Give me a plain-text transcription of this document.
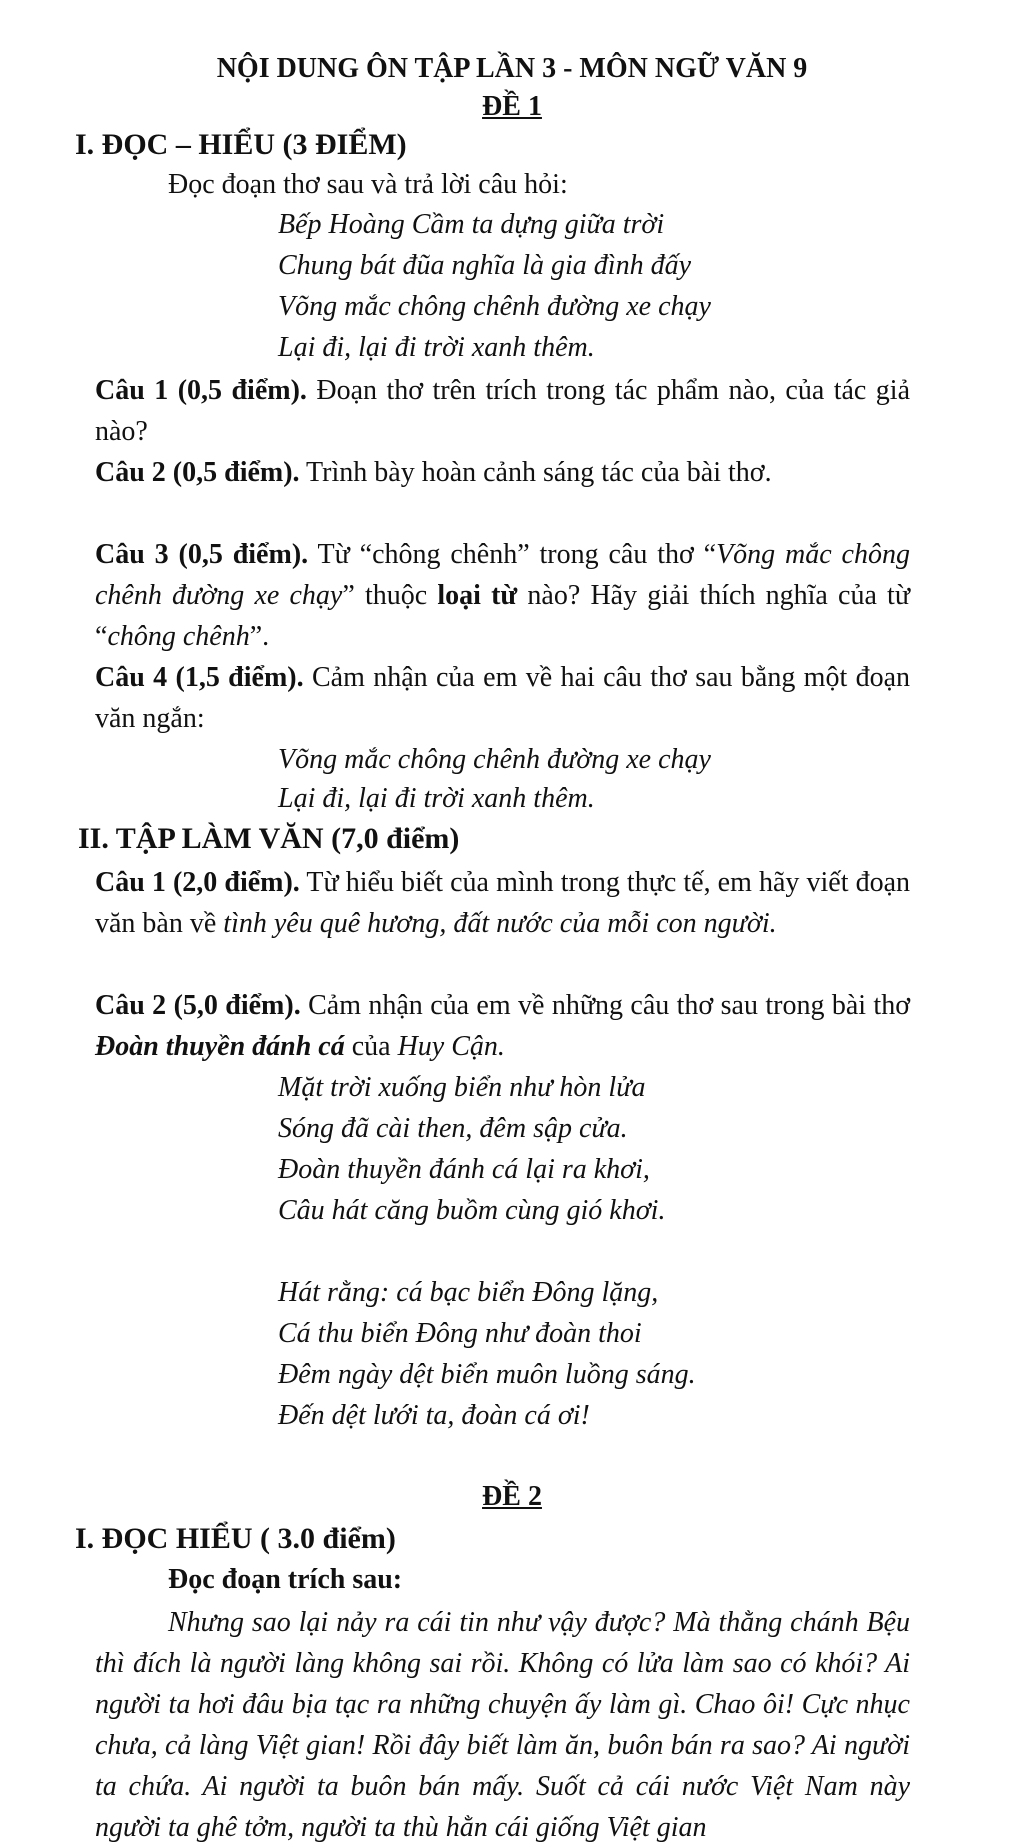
NỘI DUNG ÔN TẬP LẦN 3 - MÔN NGỮ VĂN 9
ĐỀ 1
I. ĐỌC – HIỂU (3 ĐIỂM)
Đọc đoạn thơ sau và trả lời câu hỏi:
Bếp Hoàng Cầm ta dựng giữa trời
Chung bát đũa nghĩa là gia đình đấy
Võng mắc chông chênh đường xe chạy
Lại đi, lại đi trời xanh thêm.
Câu 1 (0,5 điểm). Đoạn thơ trên trích trong tác phẩm nào, của tác giả nào?
Câu 2 (0,5 điểm). Trình bày hoàn cảnh sáng tác của bài thơ.
Câu 3 (0,5 điểm). Từ “chông chênh” trong câu thơ “Võng mắc chông chênh đường xe chạy” thuộc loại từ nào? Hãy giải thích nghĩa của từ “chông chênh”.
Câu 4 (1,5 điểm). Cảm nhận của em về hai câu thơ sau bằng một đoạn văn ngắn:
Võng mắc chông chênh đường xe chạy
Lại đi, lại đi trời xanh thêm.
II. TẬP LÀM VĂN (7,0 điểm)
Câu 1 (2,0 điểm). Từ hiểu biết của mình trong thực tế, em hãy viết đoạn văn bàn về tình yêu quê hương, đất nước của mỗi con người.
Câu 2 (5,0 điểm). Cảm nhận của em về những câu thơ sau trong bài thơ Đoàn thuyền đánh cá của Huy Cận.
Mặt trời xuống biển như hòn lửa
Sóng đã cài then, đêm sập cửa.
Đoàn thuyền đánh cá lại ra khơi,
Câu hát căng buồm cùng gió khơi.
Hát rằng: cá bạc biển Đông lặng,
Cá thu biển Đông như đoàn thoi
Đêm ngày dệt biển muôn luồng sáng.
Đến dệt lưới ta, đoàn cá ơi!
ĐỀ 2
I. ĐỌC HIỂU ( 3.0 điểm)
Đọc đoạn trích sau:
Nhưng sao lại nảy ra cái tin như vậy được? Mà thằng chánh Bệu thì đích là người làng không sai rồi. Không có lửa làm sao có khói? Ai người ta hơi đâu bịa tạc ra những chuyện ấy làm gì. Chao ôi! Cực nhục chưa, cả làng Việt gian! Rồi đây biết làm ăn, buôn bán ra sao? Ai người ta chứa. Ai người ta buôn bán mấy. Suốt cả cái nước Việt Nam này người ta ghê tởm, người ta thù hằn cái giống Việt gian
